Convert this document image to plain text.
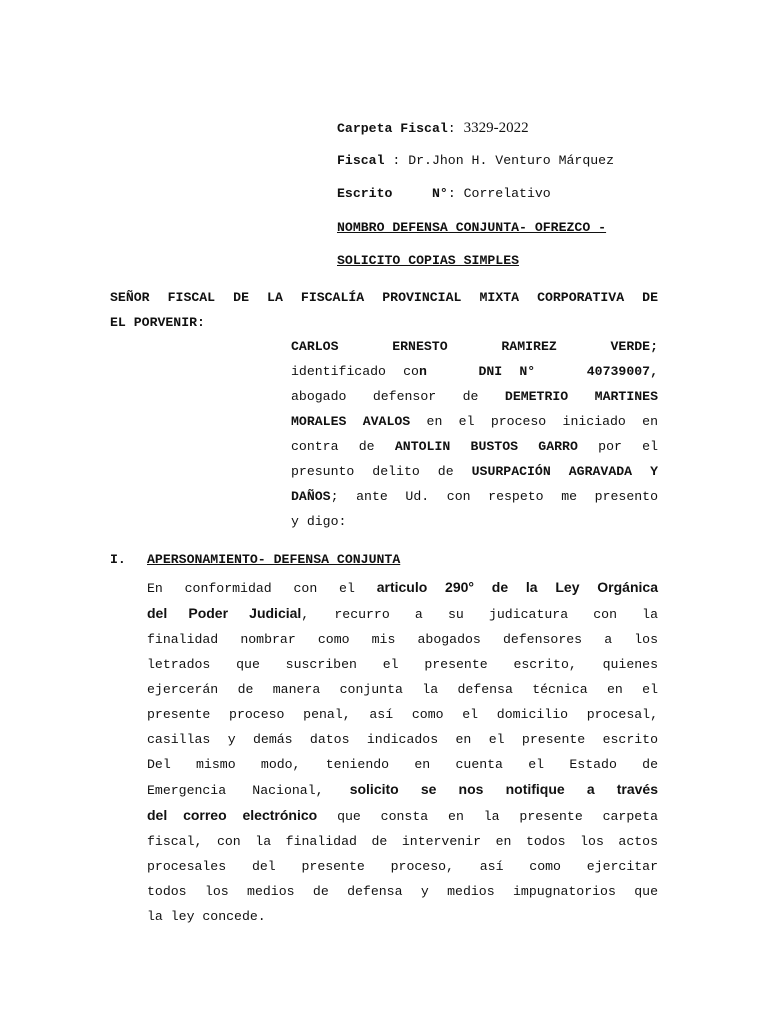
Carpeta Fiscal: 3329-2022
Fiscal : Dr.Jhon H. Venturo Márquez
Escrito	N°: Correlativo
NOMBRO DEFENSA CONJUNTA- OFREZCO -
SOLICITO COPIAS SIMPLES
SEÑOR FISCAL DE LA FISCALÍA PROVINCIAL MIXTA CORPORATIVA DE
EL PORVENIR:
CARLOS ERNESTO RAMIREZ VERDE;
identificado con	DNI N°	40739007,
abogado defensor de DEMETRIO MARTINES
MORALES AVALOS en el proceso iniciado en
contra de ANTOLIN BUSTOS GARRO por el
presunto delito de USURPACIÓN AGRAVADA Y
DAÑOS; ante Ud. con respeto me presento
y digo:
I. APERSONAMIENTO- DEFENSA CONJUNTA
En conformidad con el articulo 290° de la Ley Orgánica
del Poder Judicial, recurro a su judicatura con la
finalidad nombrar como mis abogados defensores a los
letrados que suscriben el presente escrito, quienes
ejercerán de manera conjunta la defensa técnica en el
presente proceso penal, así como el domicilio procesal,
casillas y demás datos indicados en el presente escrito
Del mismo modo, teniendo en cuenta el Estado de
Emergencia Nacional, solicito se nos notifique a través
del correo electrónico que consta en la presente carpeta
fiscal, con la finalidad de intervenir en todos los actos
procesales del presente proceso, así como ejercitar
todos los medios de defensa y medios impugnatorios que
la ley concede.
